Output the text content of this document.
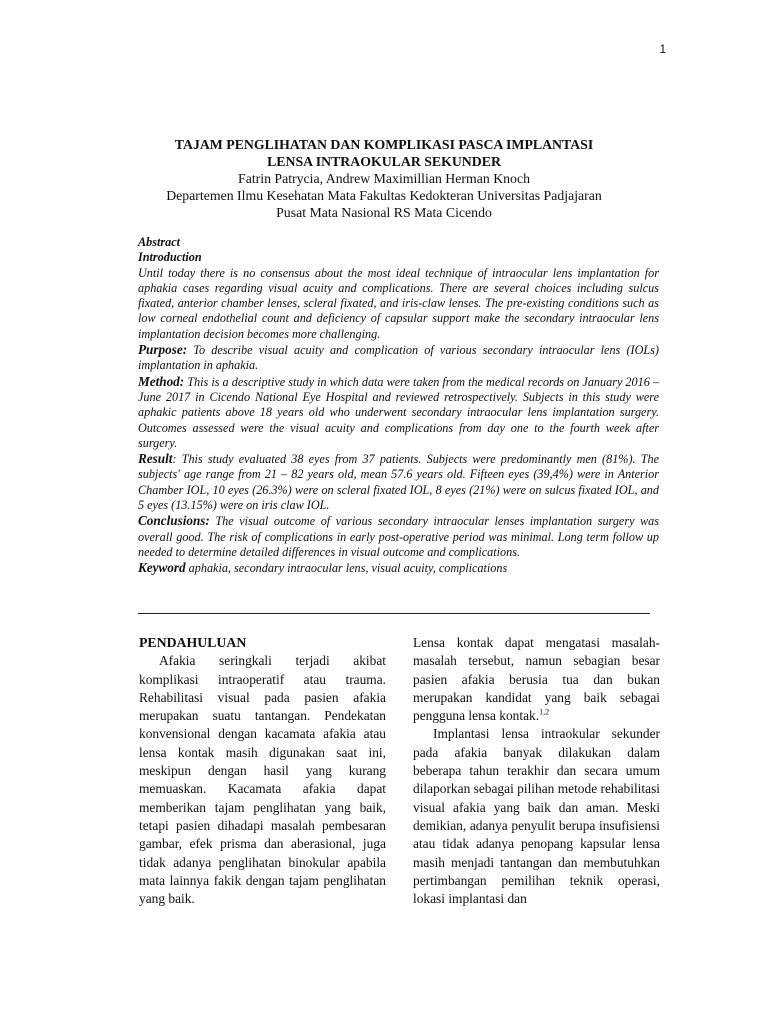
1
TAJAM PENGLIHATAN DAN KOMPLIKASI PASCA IMPLANTASI
LENSA INTRAOKULAR SEKUNDER
Fatrin Patrycia, Andrew Maximillian Herman Knoch
Departemen Ilmu Kesehatan Mata Fakultas Kedokteran Universitas Padjajaran
Pusat Mata Nasional RS Mata Cicendo
Abstract
Introduction

Until today there is no consensus about the most ideal technique of intraocular lens implantation for aphakia cases regarding visual acuity and complications. There are several choices including sulcus fixated, anterior chamber lenses, scleral fixated, and iris-claw lenses. The pre-existing conditions such as low corneal endothelial count and deficiency of capsular support make the secondary intraocular lens implantation decision becomes more challenging.

Purpose: To describe visual acuity and complication of various secondary intraocular lens (IOLs) implantation in aphakia.

Method: This is a descriptive study in which data were taken from the medical records on January 2016 – June 2017 in Cicendo National Eye Hospital and reviewed retrospectively. Subjects in this study were aphakic patients above 18 years old who underwent secondary intraocular lens implantation surgery. Outcomes assessed were the visual acuity and complications from day one to the fourth week after surgery.

Result: This study evaluated 38 eyes from 37 patients. Subjects were predominantly men (81%). The subjects' age range from 21 – 82 years old, mean 57.6 years old. Fifteen eyes (39,4%) were in Anterior Chamber IOL, 10 eyes (26.3%) were on scleral fixated IOL, 8 eyes (21%) were on sulcus fixated IOL, and 5 eyes (13.15%) were on iris claw IOL.

Conclusions: The visual outcome of various secondary intraocular lenses implantation surgery was overall good. The risk of complications in early post-operative period was minimal. Long term follow up needed to determine detailed differences in visual outcome and complications.

Keyword aphakia, secondary intraocular lens, visual acuity, complications

PENDAHULUAN

Afakia seringkali terjadi akibat komplikasi intraoperatif atau trauma. Rehabilitasi visual pada pasien afakia merupakan suatu tantangan. Pendekatan konvensional dengan kacamata afakia atau lensa kontak masih digunakan saat ini, meskipun dengan hasil yang kurang memuaskan. Kacamata afakia dapat memberikan tajam penglihatan yang baik, tetapi pasien dihadapi masalah pembesaran gambar, efek prisma dan aberasional, juga tidak adanya penglihatan binokular apabila mata lainnya fakik dengan tajam penglihatan yang baik.

Lensa kontak dapat mengatasi masalah-masalah tersebut, namun sebagian besar pasien afakia berusia tua dan bukan merupakan kandidat yang baik sebagai pengguna lensa kontak.$^{1,2}$

Implantasi lensa intraokular sekunder pada afakia banyak dilakukan dalam beberapa tahun terakhir dan secara umum dilaporkan sebagai pilihan metode rehabilitasi visual afakia yang baik dan aman. Meski demikian, adanya penyulit berupa insufisiensi atau tidak adanya penopang kapsular lensa masih menjadi tantangan dan membutuhkan pertimbangan pemilihan teknik operasi, lokasi implantasi dan
